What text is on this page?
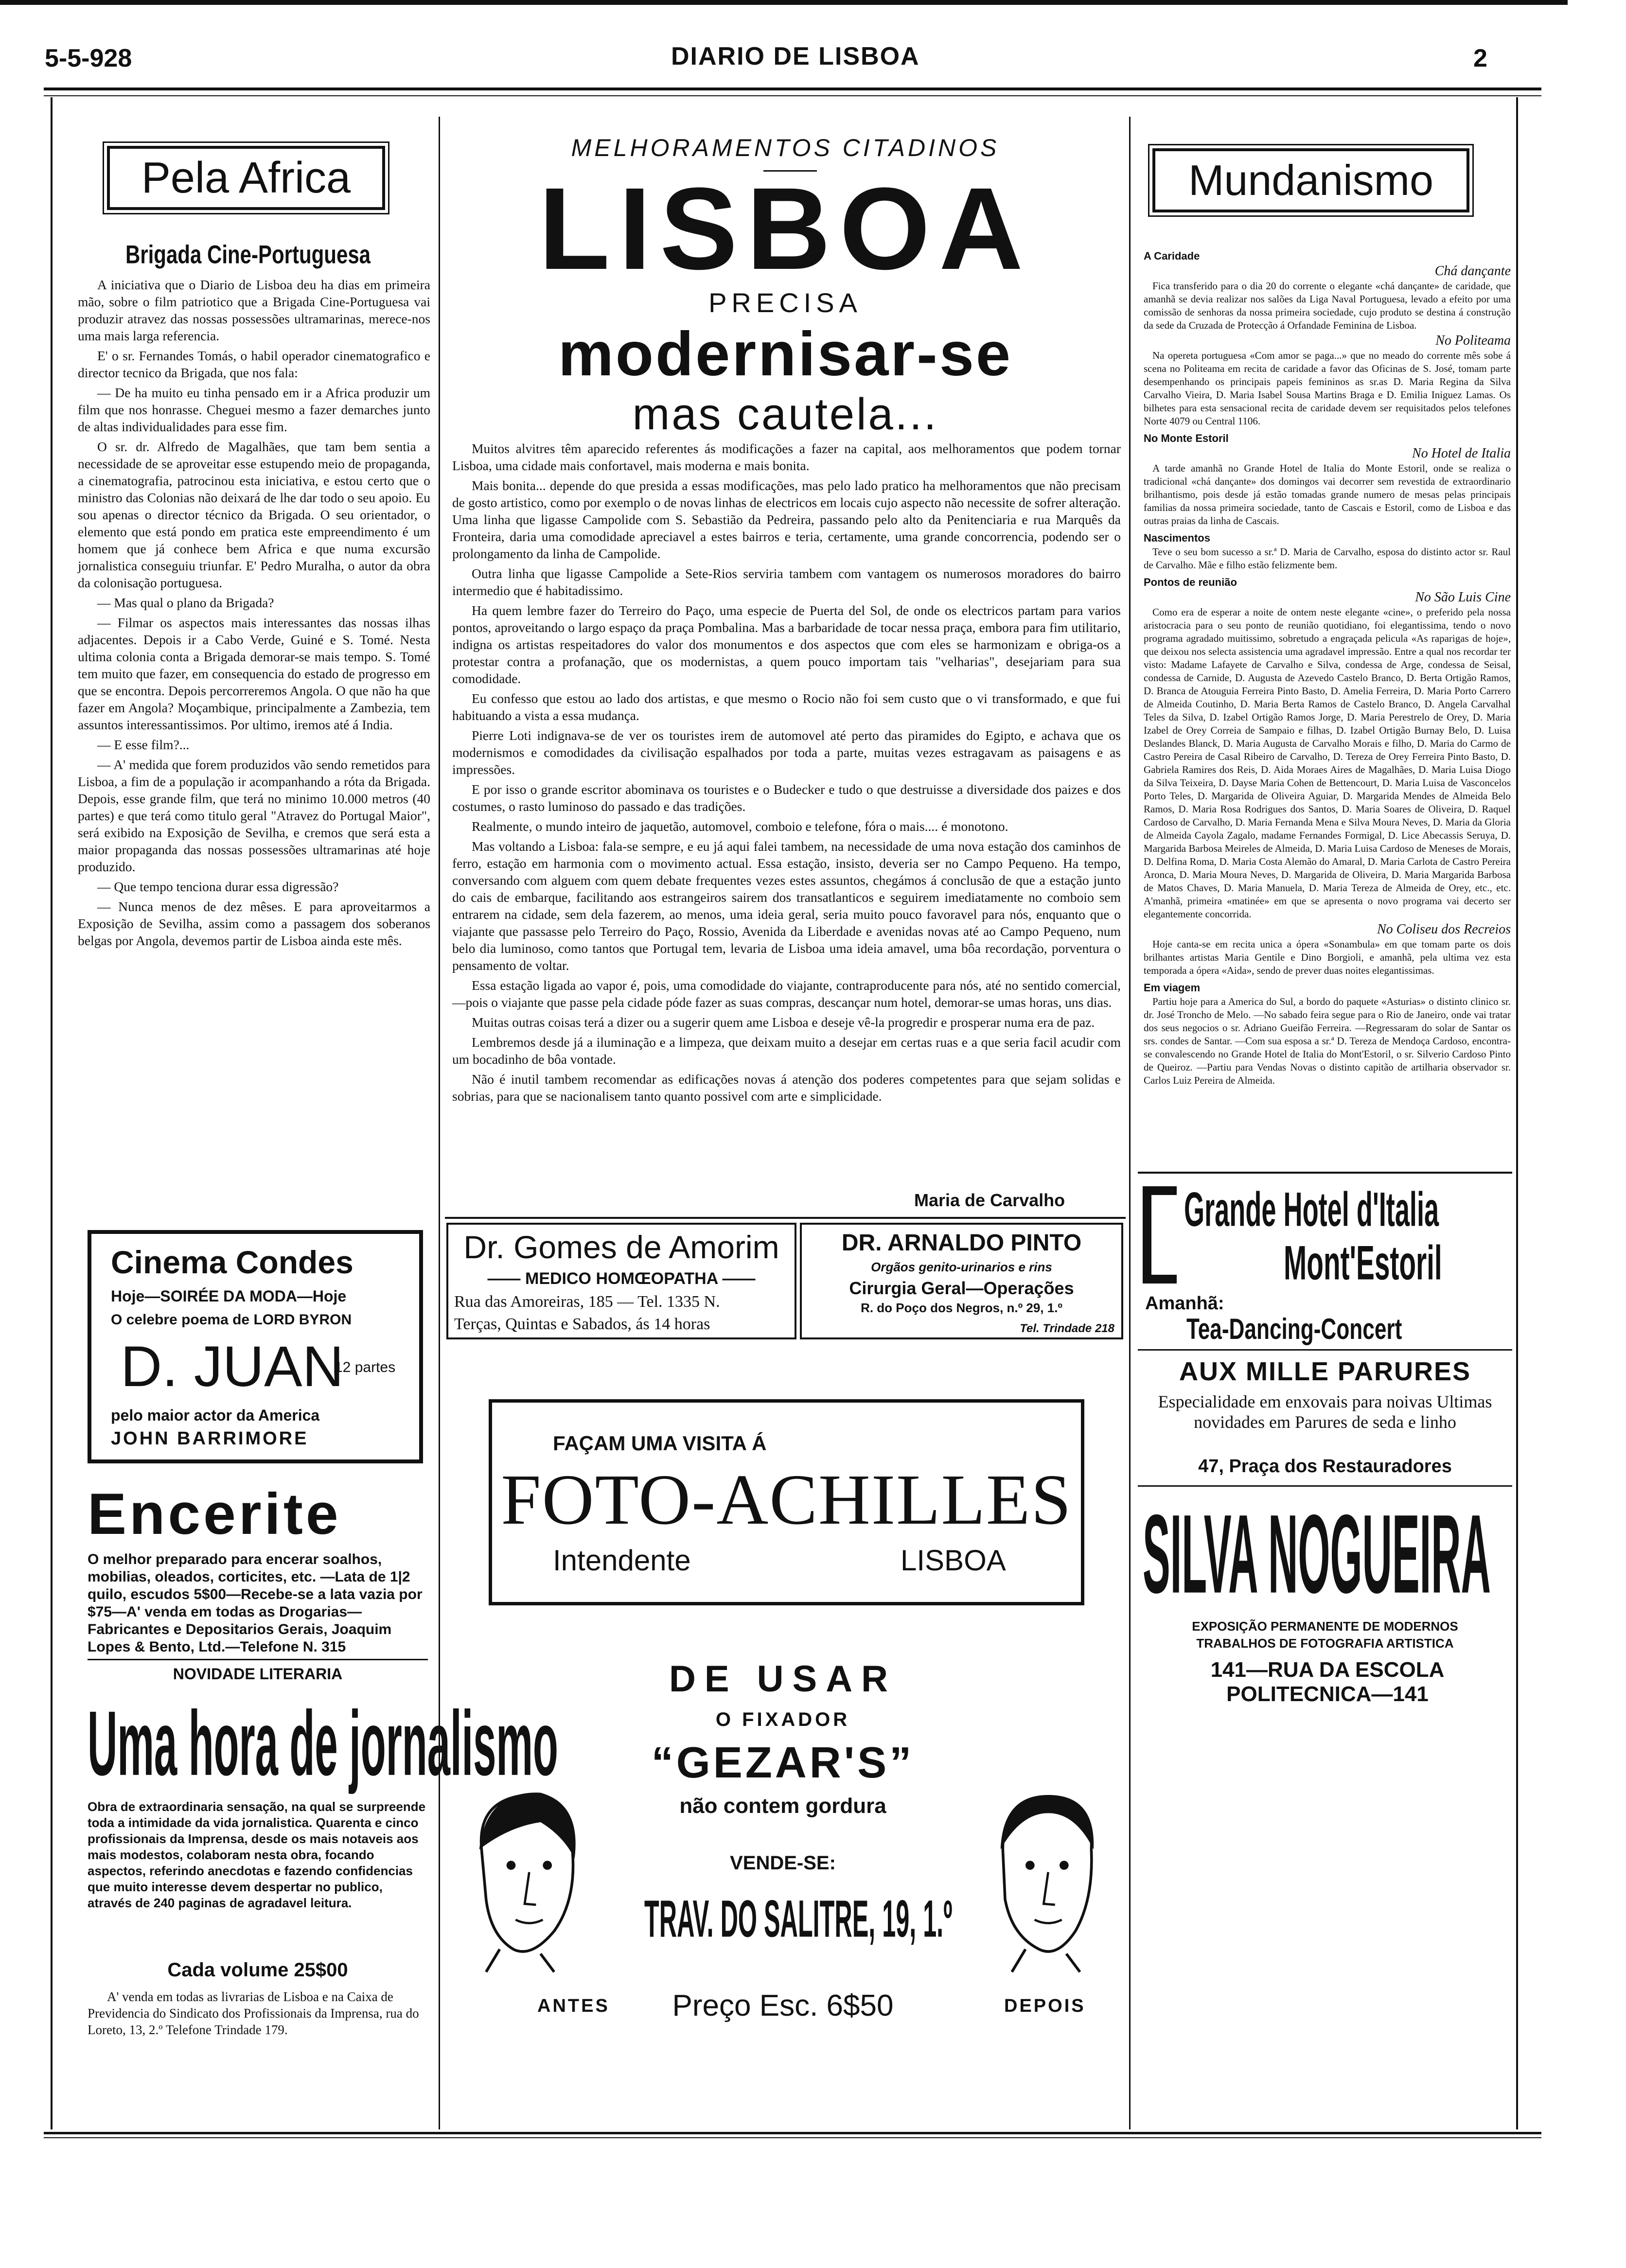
5-5-928	DIARIO DE LISBOA	2
Pela Africa
Brigada Cine-Portuguesa

A iniciativa que o Diario de Lisboa deu ha dias em primeira mão, sobre o film patriotico que a Brigada Cine-Portuguesa vai produzir atravez das nossas possessões ultramarinas, merece-nos uma mais larga referencia.

E' o sr. Fernandes Tomás, o habil operador cinematografico e director tecnico da Brigada, que nos fala:

— De ha muito eu tinha pensado em ir a Africa produzir um film que nos honrasse. Cheguei mesmo a fazer demarches junto de altas individualidades para esse fim.

O sr. dr. Alfredo de Magalhães, que tam bem sentia a necessidade de se aproveitar esse estupendo meio de propaganda, a cinematografia, patrocinou esta iniciativa, e estou certo que o ministro das Colonias não deixará de lhe dar todo o seu apoio. Eu sou apenas o director técnico da Brigada. O seu orientador, o elemento que está pondo em pratica este empreendimento é um homem que já conhece bem Africa e que numa excursão jornalistica conseguiu triunfar. E' Pedro Muralha, o autor da obra da colonisação portuguesa.

— Mas qual o plano da Brigada?

— Filmar os aspectos mais interessantes das nossas ilhas adjacentes. Depois ir a Cabo Verde, Guiné e S. Tomé. Nesta ultima colonia conta a Brigada demorar-se mais tempo. S. Tomé tem muito que fazer, em consequencia do estado de progresso em que se encontra. Depois percorreremos Angola. O que não ha que fazer em Angola? Moçambique, principalmente a Zambezia, tem assuntos interessantissimos. Por ultimo, iremos até á India.

— E esse film?...

— A' medida que forem produzidos vão sendo remetidos para Lisboa, a fim de a população ir acompanhando a róta da Brigada. Depois, esse grande film, que terá no minimo 10.000 metros (40 partes) e que terá como titulo geral "Atravez do Portugal Maior", será exibido na Exposição de Sevilha, e cremos que será esta a maior propaganda das nossas possessões ultramarinas até hoje produzido.

— Que tempo tenciona durar essa digressão?

— Nunca menos de dez mêses. E para aproveitarmos a Exposição de Sevilha, assim como a passagem dos soberanos belgas por Angola, devemos partir de Lisboa ainda este mês.

Cinema Condes
Hoje—SOIRÉE DA MODA—Hoje
O celebre poema de LORD BYRON
D. JUAN
12 partes
pelo maior actor da America
JOHN BARRIMORE
Encerite
O melhor preparado para encerar soalhos, mobilias, oleados, corticites, etc. —Lata de 1|2 quilo, escudos 5$00—Recebe-se a lata vazia por $75—A' venda em todas as Drogarias—Fabricantes e Depositarios Gerais, Joaquim Lopes & Bento, Ltd.—Telefone N. 315
NOVIDADE LITERARIA
Uma hora de jornalismo
Obra de extraordinaria sensação, na qual se surpreende toda a intimidade da vida jornalistica. Quarenta e cinco profissionais da Imprensa, desde os mais notaveis aos mais modestos, colaboram nesta obra, focando aspectos, referindo anecdotas e fazendo confidencias que muito interesse devem despertar no publico, através de 240 paginas de agradavel leitura.
Cada volume 25$00
A' venda em todas as livrarias de Lisboa e na Caixa de Previdencia do Sindicato dos Profissionais da Imprensa, rua do Loreto, 13, 2.º Telefone Trindade 179.
MELHORAMENTOS CITADINOS
LISBOA
PRECISA
modernisar-se
mas cautela...

Muitos alvitres têm aparecido referentes ás modificações a fazer na capital, aos melhoramentos que podem tornar Lisboa, uma cidade mais confortavel, mais moderna e mais bonita.

Mais bonita... depende do que presida a essas modificações, mas pelo lado pratico ha melhoramentos que não precisam de gosto artistico, como por exemplo o de novas linhas de electricos em locais cujo aspecto não necessite de sofrer alteração. Uma linha que ligasse Campolide com S. Sebastião da Pedreira, passando pelo alto da Penitenciaria e rua Marquês da Fronteira, daria uma comodidade apreciavel a estes bairros e teria, certamente, uma grande concorrencia, podendo ser o prolongamento da linha de Campolide.

Outra linha que ligasse Campolide a Sete-Rios serviria tambem com vantagem os numerosos moradores do bairro intermedio que é habitadissimo.

Ha quem lembre fazer do Terreiro do Paço, uma especie de Puerta del Sol, de onde os electricos partam para varios pontos, aproveitando o largo espaço da praça Pombalina. Mas a barbaridade de tocar nessa praça, embora para fim utilitario, indigna os artistas respeitadores do valor dos monumentos e dos aspectos que com eles se harmonizam e obriga-os a protestar contra a profanação, que os modernistas, a quem pouco importam tais "velharias", desejariam para sua comodidade.

Eu confesso que estou ao lado dos artistas, e que mesmo o Rocio não foi sem custo que o vi transformado, e que fui habituando a vista a essa mudança.

Pierre Loti indignava-se de ver os touristes irem de automovel até perto das piramides do Egipto, e achava que os modernismos e comodidades da civilisação espalhados por toda a parte, muitas vezes estragavam as paisagens e as impressões.

E por isso o grande escritor abominava os touristes e o Budecker e tudo o que destruisse a diversidade dos paizes e dos costumes, o rasto luminoso do passado e das tradições.

Realmente, o mundo inteiro de jaquetão, automovel, comboio e telefone, fóra o mais.... é monotono.

Mas voltando a Lisboa: fala-se sempre, e eu já aqui falei tambem, na necessidade de uma nova estação dos caminhos de ferro, estação em harmonia com o movimento actual. Essa estação, insisto, deveria ser no Campo Pequeno. Ha tempo, conversando com alguem com quem debate frequentes vezes estes assuntos, chegámos á conclusão de que a estação junto do cais de embarque, facilitando aos estrangeiros sairem dos transatlanticos e seguirem imediatamente no comboio sem entrarem na cidade, sem dela fazerem, ao menos, uma ideia geral, seria muito pouco favoravel para nós, enquanto que o viajante que passasse pelo Terreiro do Paço, Rossio, Avenida da Liberdade e avenidas novas até ao Campo Pequeno, num belo dia luminoso, como tantos que Portugal tem, levaria de Lisboa uma ideia amavel, uma bôa recordação, porventura o pensamento de voltar.

Essa estação ligada ao vapor é, pois, uma comodidade do viajante, contraproducente para nós, até no sentido comercial,—pois o viajante que passe pela cidade póde fazer as suas compras, descançar num hotel, demorar-se umas horas, uns dias.

Muitas outras coisas terá a dizer ou a sugerir quem ame Lisboa e deseje vê-la progredir e prosperar numa era de paz.

Lembremos desde já a iluminação e a limpeza, que deixam muito a desejar em certas ruas e a que seria facil acudir com um bocadinho de bôa vontade.

Não é inutil tambem recomendar as edificações novas á atenção dos poderes competentes para que sejam solidas e sobrias, para que se nacionalisem tanto quanto possivel com arte e simplicidade.

Maria de Carvalho
Dr. Gomes de Amorim
—— MEDICO HOMŒOPATHA ——
Rua das Amoreiras, 185 — Tel. 1335 N.
Terças, Quintas e Sabados, ás 14 horas
DR. ARNALDO PINTO
Orgãos genito-urinarios e rins
Cirurgia Geral—Operações
R. do Poço dos Negros, n.º 29, 1.º
Tel. Trindade 218
FAÇAM UMA VISITA Á
FOTO-ACHILLES
Intendente	LISBOA
DE USAR
O FIXADOR
“GEZAR'S”
não contem gordura
VENDE-SE:
TRAV. DO SALITRE, 19, 1.º
Preço Esc. 6$50
ANTES	DEPOIS
Mundanismo

A Caridade

Chá dançante

Fica transferido para o dia 20 do corrente o elegante «chá dançante» de caridade, que amanhã se devia realizar nos salões da Liga Naval Portuguesa, levado a efeito por uma comissão de senhoras da nossa primeira sociedade, cujo produto se destina á construção da sede da Cruzada de Protecção á Orfandade Feminina de Lisboa.

No Politeama

Na opereta portuguesa «Com amor se paga...» que no meado do corrente mês sobe á scena no Politeama em recita de caridade a favor das Oficinas de S. José, tomam parte desempenhando os principais papeis femininos as sr.as D. Maria Regina da Silva Carvalho Vieira, D. Maria Isabel Sousa Martins Braga e D. Emilia Iniguez Lamas. Os bilhetes para esta sensacional recita de caridade devem ser requisitados pelos telefones Norte 4079 ou Central 1106.

No Monte Estoril

No Hotel de Italia

A tarde amanhã no Grande Hotel de Italia do Monte Estoril, onde se realiza o tradicional «chá dançante» dos domingos vai decorrer sem revestida de extraordinario brilhantismo, pois desde já estão tomadas grande numero de mesas pelas principais familias da nossa primeira sociedade, tanto de Cascais e Estoril, como de Lisboa e das outras praias da linha de Cascais.

Nascimentos

Teve o seu bom sucesso a sr.ª D. Maria de Carvalho, esposa do distinto actor sr. Raul de Carvalho. Mãe e filho estão felizmente bem.

Pontos de reunião

No São Luis Cine

Como era de esperar a noite de ontem neste elegante «cine», o preferido pela nossa aristocracia para o seu ponto de reunião quotidiano, foi elegantissima, tendo o novo programa agradado muitissimo, sobretudo a engraçada pelicula «As raparigas de hoje», que deixou nos selecta assistencia uma agradavel impressão. Entre a qual nos recordar ter visto: Madame Lafayete de Carvalho e Silva, condessa de Arge, condessa de Seisal, condessa de Carnide, D. Augusta de Azevedo Castelo Branco, D. Berta Ortigão Ramos, D. Branca de Atouguia Ferreira Pinto Basto, D. Amelia Ferreira, D. Maria Porto Carrero de Almeida Coutinho, D. Maria Berta Ramos de Castelo Branco, D. Angela Carvalhal Teles da Silva, D. Izabel Ortigão Ramos Jorge, D. Maria Perestrelo de Orey, D. Maria Izabel de Orey Correia de Sampaio e filhas, D. Izabel Ortigão Burnay Belo, D. Luisa Deslandes Blanck, D. Maria Augusta de Carvalho Morais e filho, D. Maria do Carmo de Castro Pereira de Casal Ribeiro de Carvalho, D. Tereza de Orey Ferreira Pinto Basto, D. Gabriela Ramires dos Reis, D. Aida Moraes Aires de Magalhães, D. Maria Luisa Diogo da Silva Teixeira, D. Dayse Maria Cohen de Bettencourt, D. Maria Luisa de Vasconcelos Porto Teles, D. Margarida de Oliveira Aguiar, D. Margarida Mendes de Almeida Belo Ramos, D. Maria Rosa Rodrigues dos Santos, D. Maria Soares de Oliveira, D. Raquel Cardoso de Carvalho, D. Maria Fernanda Mena e Silva Moura Neves, D. Maria da Gloria de Almeida Cayola Zagalo, madame Fernandes Formigal, D. Lice Abecassis Seruya, D. Margarida Barbosa Meireles de Almeida, D. Maria Luisa Cardoso de Meneses de Morais, D. Delfina Roma, D. Maria Costa Alemão do Amaral, D. Maria Carlota de Castro Pereira Aronca, D. Maria Moura Neves, D. Margarida de Oliveira, D. Maria Margarida Barbosa de Matos Chaves, D. Maria Manuela, D. Maria Tereza de Almeida de Orey, etc., etc. A'manhã, primeira «matinée» em que se apresenta o novo programa vai decerto ser elegantemente concorrida.

No Coliseu dos Recreios

Hoje canta-se em recita unica a ópera «Sonambula» em que tomam parte os dois brilhantes artistas Maria Gentile e Dino Borgioli, e amanhã, pela ultima vez esta temporada a ópera «Aida», sendo de prever duas noites elegantissimas.

Em viagem

Partiu hoje para a America do Sul, a bordo do paquete «Asturias» o distinto clinico sr. dr. José Troncho de Melo. —No sabado feira segue para o Rio de Janeiro, onde vai tratar dos seus negocios o sr. Adriano Gueifão Ferreira. —Regressaram do solar de Santar os srs. condes de Santar. —Com sua esposa a sr.ª D. Tereza de Mendoça Cardoso, encontra-se convalescendo no Grande Hotel de Italia do Mont'Estoril, o sr. Silverio Cardoso Pinto de Queiroz. —Partiu para Vendas Novas o distinto capitão de artilharia observador sr. Carlos Luiz Pereira de Almeida.

Grande Hotel d'Italia
Mont'Estoril
Amanhã:
Tea-Dancing-Concert
AUX MILLE PARURES
Especialidade em enxovais para noivas Ultimas novidades em Parures de seda e linho
47, Praça dos Restauradores
SILVA NOGUEIRA
EXPOSIÇÃO PERMANENTE DE MODERNOS
TRABALHOS DE FOTOGRAFIA ARTISTICA
141—RUA DA ESCOLA POLITECNICA—141
